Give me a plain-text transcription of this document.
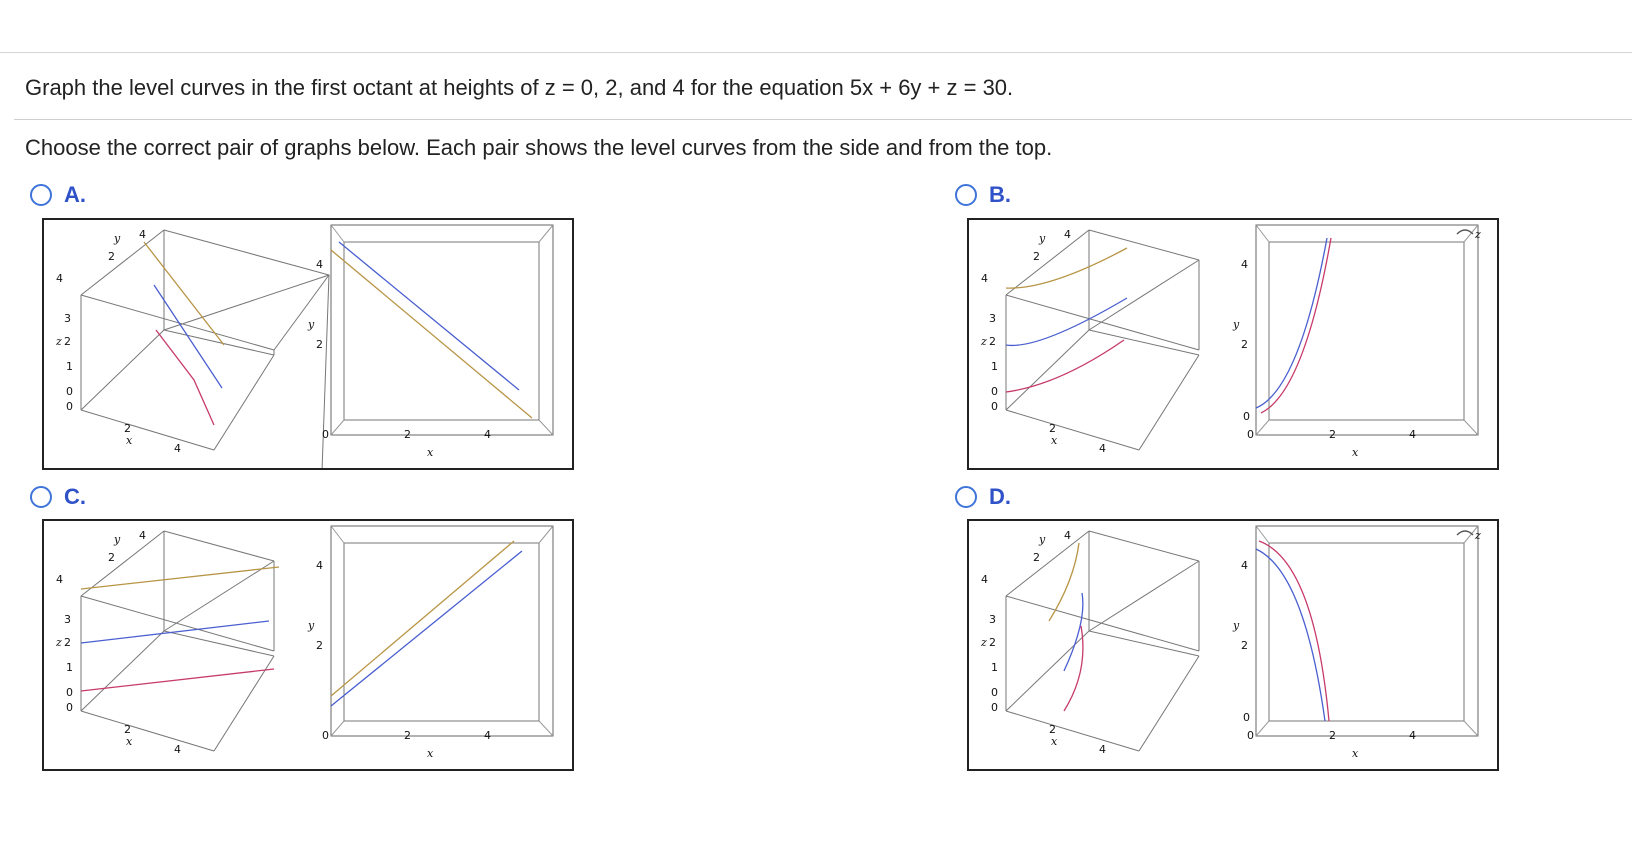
Graph the level curves in the first octant at heights of z = 0, 2, and 4 for the equation 5x + 6y + z = 30.
Choose the correct pair of graphs below. Each pair shows the level curves from the side and from the top.
A.
y 4
2
4
3
z 2
1
0
0
2
x
4
4
y
2
0	2	4
x
B.
y 4
2
4
3
z 2
1
0
0
2
x
4
4
y
2
0
0	2	4
x
z
C.
y 4
2
4
3
z 2
1
0
0
2
x
4
4
y
2
0	2	4
x
D.
y 4
2
4
3
z 2
1
0
0
2
x
4
4
y
2
0
0	2	4
x
z
